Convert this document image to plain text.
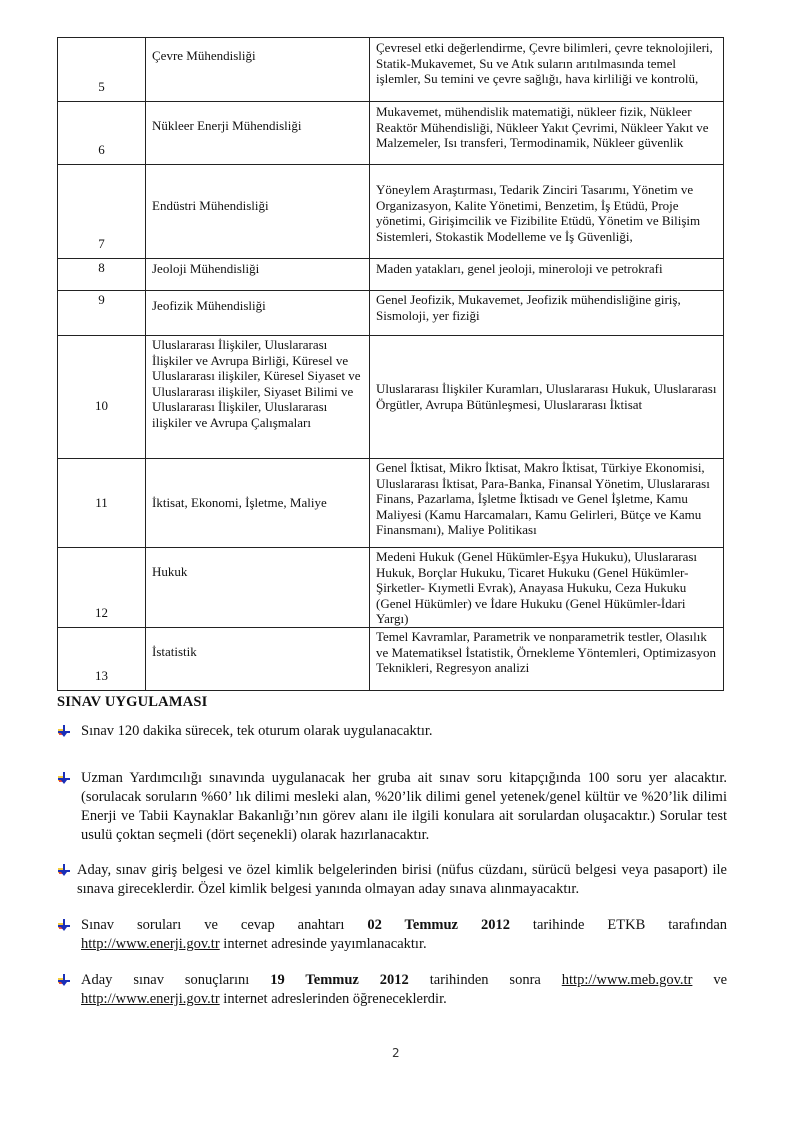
5	Çevre Mühendisliği	Çevresel etki değerlendirme, Çevre bilimleri, çevre teknolojileri, Statik-Mukavemet, Su ve Atık suların arıtılmasında temel işlemler, Su temini ve çevre sağlığı, hava kirliliği ve kontrolü,

6	Nükleer Enerji Mühendisliği	Mukavemet, mühendislik matematiği, nükleer fizik, Nükleer Reaktör Mühendisliği, Nükleer Yakıt Çevrimi, Nükleer Yakıt ve Malzemeler, Isı transferi, Termodinamik, Nükleer güvenlik

7	Endüstri Mühendisliği	Yöneylem Araştırması, Tedarik Zinciri Tasarımı, Yönetim ve Organizasyon, Kalite Yönetimi, Benzetim, İş Etüdü, Proje yönetimi, Girişimcilik ve Fizibilite Etüdü, Yönetim ve Bilişim Sistemleri, Stokastik Modelleme ve İş Güvenliği,

8	Jeoloji Mühendisliği	Maden yatakları, genel jeoloji, mineroloji ve petrokrafi

9	Jeofizik Mühendisliği	Genel Jeofizik, Mukavemet, Jeofizik mühendisliğine giriş, Sismoloji, yer fiziği

10	Uluslararası İlişkiler, Uluslararası İlişkiler ve Avrupa Birliği, Küresel ve Uluslararası ilişkiler, Küresel Siyaset ve Uluslararası ilişkiler, Siyaset Bilimi ve Uluslararası İlişkiler, Uluslararası ilişkiler ve Avrupa Çalışmaları	Uluslararası İlişkiler Kuramları, Uluslararası Hukuk, Uluslararası Örgütler, Avrupa Bütünleşmesi, Uluslararası İktisat

11	İktisat, Ekonomi, İşletme, Maliye	Genel İktisat, Mikro İktisat, Makro İktisat, Türkiye Ekonomisi, Uluslararası İktisat, Para-Banka, Finansal Yönetim, Uluslararası Finans, Pazarlama, İşletme İktisadı ve Genel İşletme, Kamu Maliyesi (Kamu Harcamaları, Kamu Gelirleri, Bütçe ve Kamu Finansmanı), Maliye Politikası

12	Hukuk	Medeni Hukuk (Genel Hükümler-Eşya Hukuku), Uluslararası Hukuk, Borçlar Hukuku, Ticaret Hukuku (Genel Hükümler-Şirketler- Kıymetli Evrak), Anayasa Hukuku, Ceza Hukuku (Genel Hükümler) ve İdare Hukuku (Genel Hükümler-İdari Yargı)

13	İstatistik	Temel Kavramlar, Parametrik ve nonparametrik testler, Olasılık ve Matematiksel İstatistik, Örnekleme Yöntemleri, Optimizasyon Teknikleri, Regresyon analizi
SINAV UYGULAMASI
Sınav 120 dakika sürecek, tek oturum olarak uygulanacaktır.
Uzman Yardımcılığı sınavında uygulanacak her gruba ait sınav soru kitapçığında 100 soru yer alacaktır. (sorulacak soruların %60’ lık dilimi mesleki alan, %20’lik dilimi genel yetenek/genel kültür ve %20’lik dilimi Enerji ve Tabii Kaynaklar Bakanlığı’nın görev alanı ile ilgili konulara ait sorulardan oluşacaktır.) Sorular test usulü çoktan seçmeli (dört seçenekli) olarak hazırlanacaktır.
Aday, sınav giriş belgesi ve özel kimlik belgelerinden birisi (nüfus cüzdanı, sürücü belgesi veya pasaport) ile sınava gireceklerdir. Özel kimlik belgesi yanında olmayan aday sınava alınmayacaktır.
Sınav soruları ve cevap anahtarı 02 Temmuz 2012 tarihinde ETKB tarafından
http://www.enerji.gov.tr internet adresinde yayımlanacaktır.
Aday sınav sonuçlarını 19 Temmuz 2012 tarihinden sonra http://www.meb.gov.tr ve
http://www.enerji.gov.tr internet adreslerinden öğreneceklerdir.
2
